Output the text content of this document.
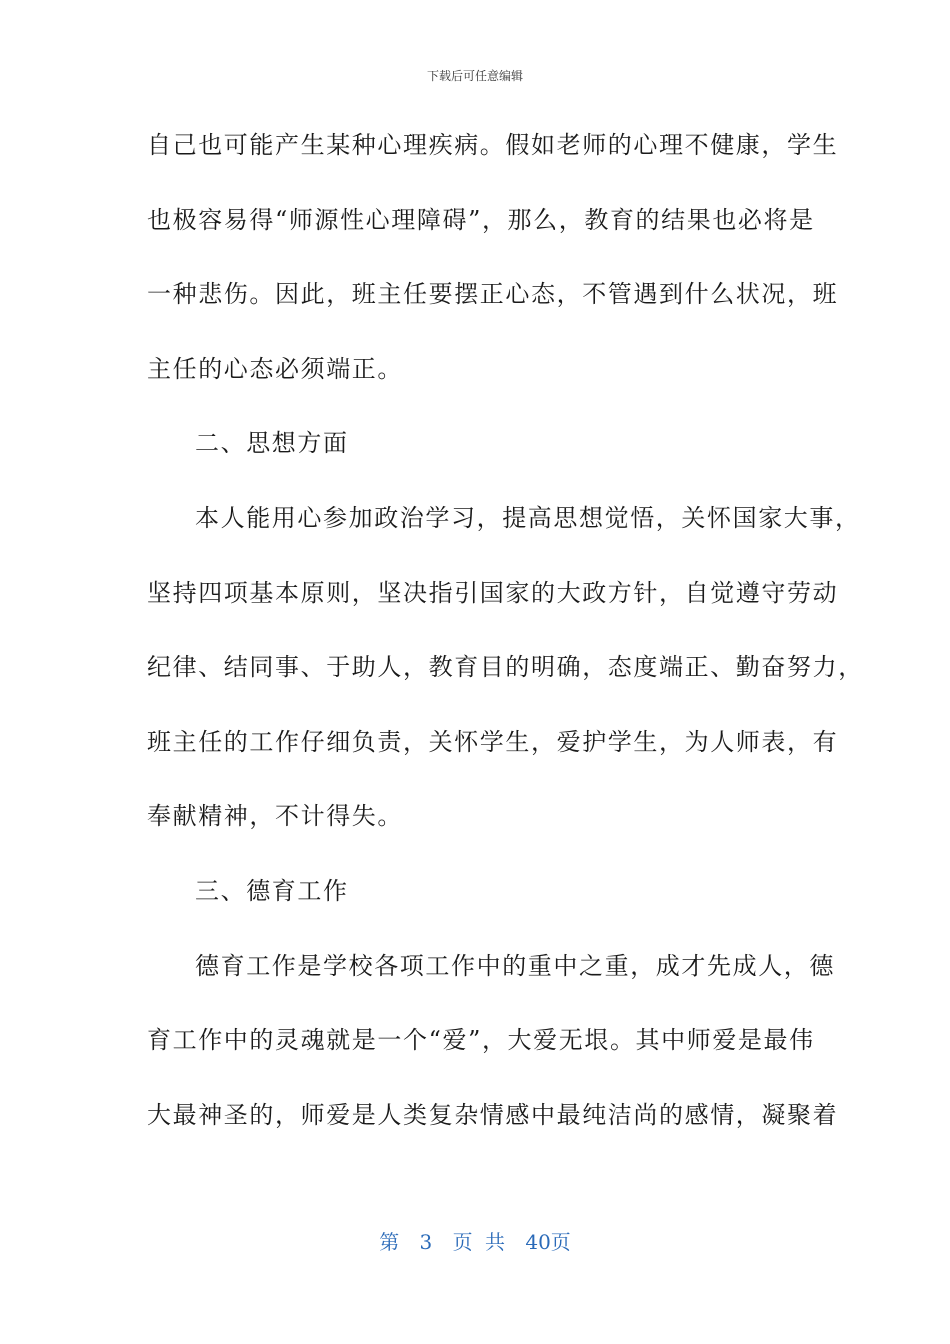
下载后可任意编辑
自己也可能产生某种心理疾病。假如老师的心理不健康，学生
也极容易得“师源性心理障碍”，那么，教育的结果也必将是
一种悲伤。因此，班主任要摆正心态，不管遇到什么状况，班
主任的心态必须端正。
二、思想方面
本人能用心参加政治学习，提高思想觉悟，关怀国家大事，
坚持四项基本原则，坚决指引国家的大政方针，自觉遵守劳动
纪律、结同事、于助人，教育目的明确，态度端正、勤奋努力，
班主任的工作仔细负责，关怀学生，爱护学生，为人师表，有
奉献精神，不计得失。
三、德育工作
德育工作是学校各项工作中的重中之重，成才先成人，德
育工作中的灵魂就是一个“爱”，大爱无垠。其中师爱是最伟
大最神圣的，师爱是人类复杂情感中最纯洁尚的感情，凝聚着
第 3 页 共 40页
